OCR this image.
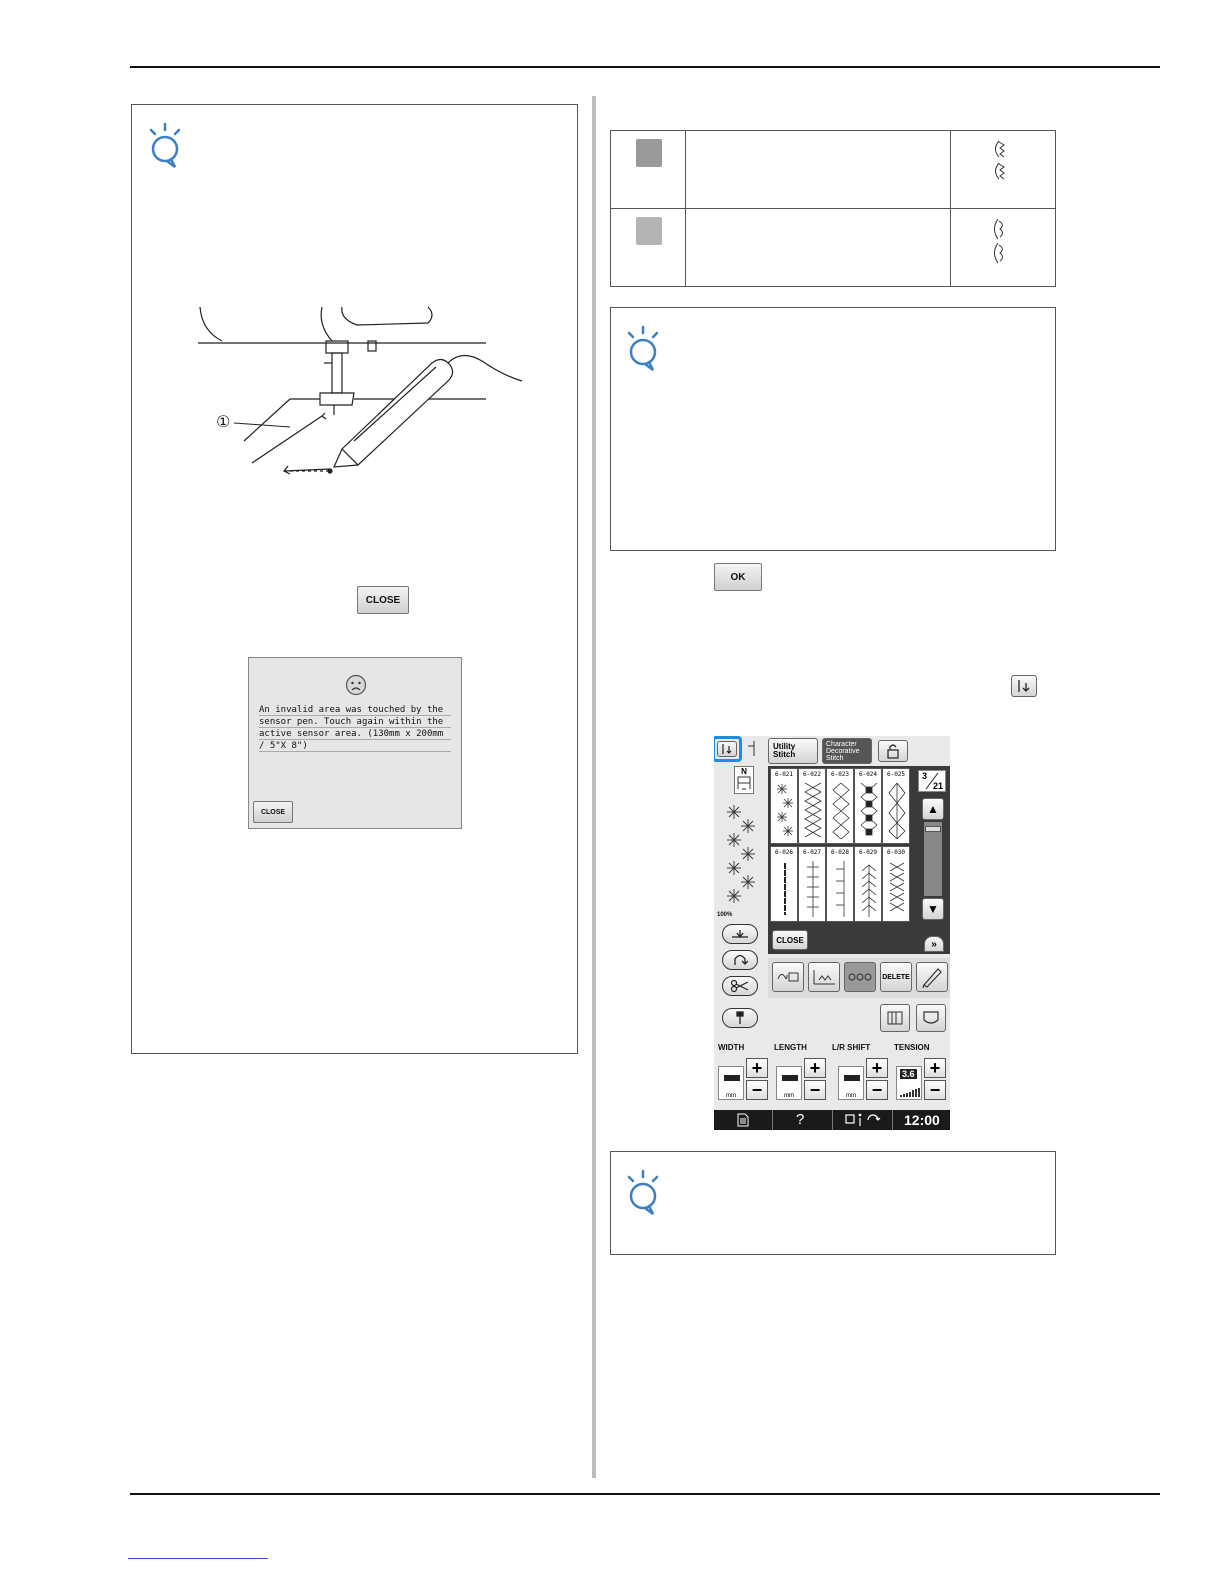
①
CLOSE
An invalid area was touched by the sensor pen. Touch again within the active sensor area. (130mm x 200mm / 5"X 8")
CLOSE

OK
Utility Stitch
Character Decorative Stitch
N
100%
6-021	6-022	6-023	6-024	6-025
6-026	6-027	6-028	6-029	6-030
3
21
▲
▼
CLOSE	»
DELETE
WIDTH	LENGTH	L/R SHIFT	TENSION
mm
+
−	mm
+
−	mm
+
−
3.6 +
−
?	12:00
